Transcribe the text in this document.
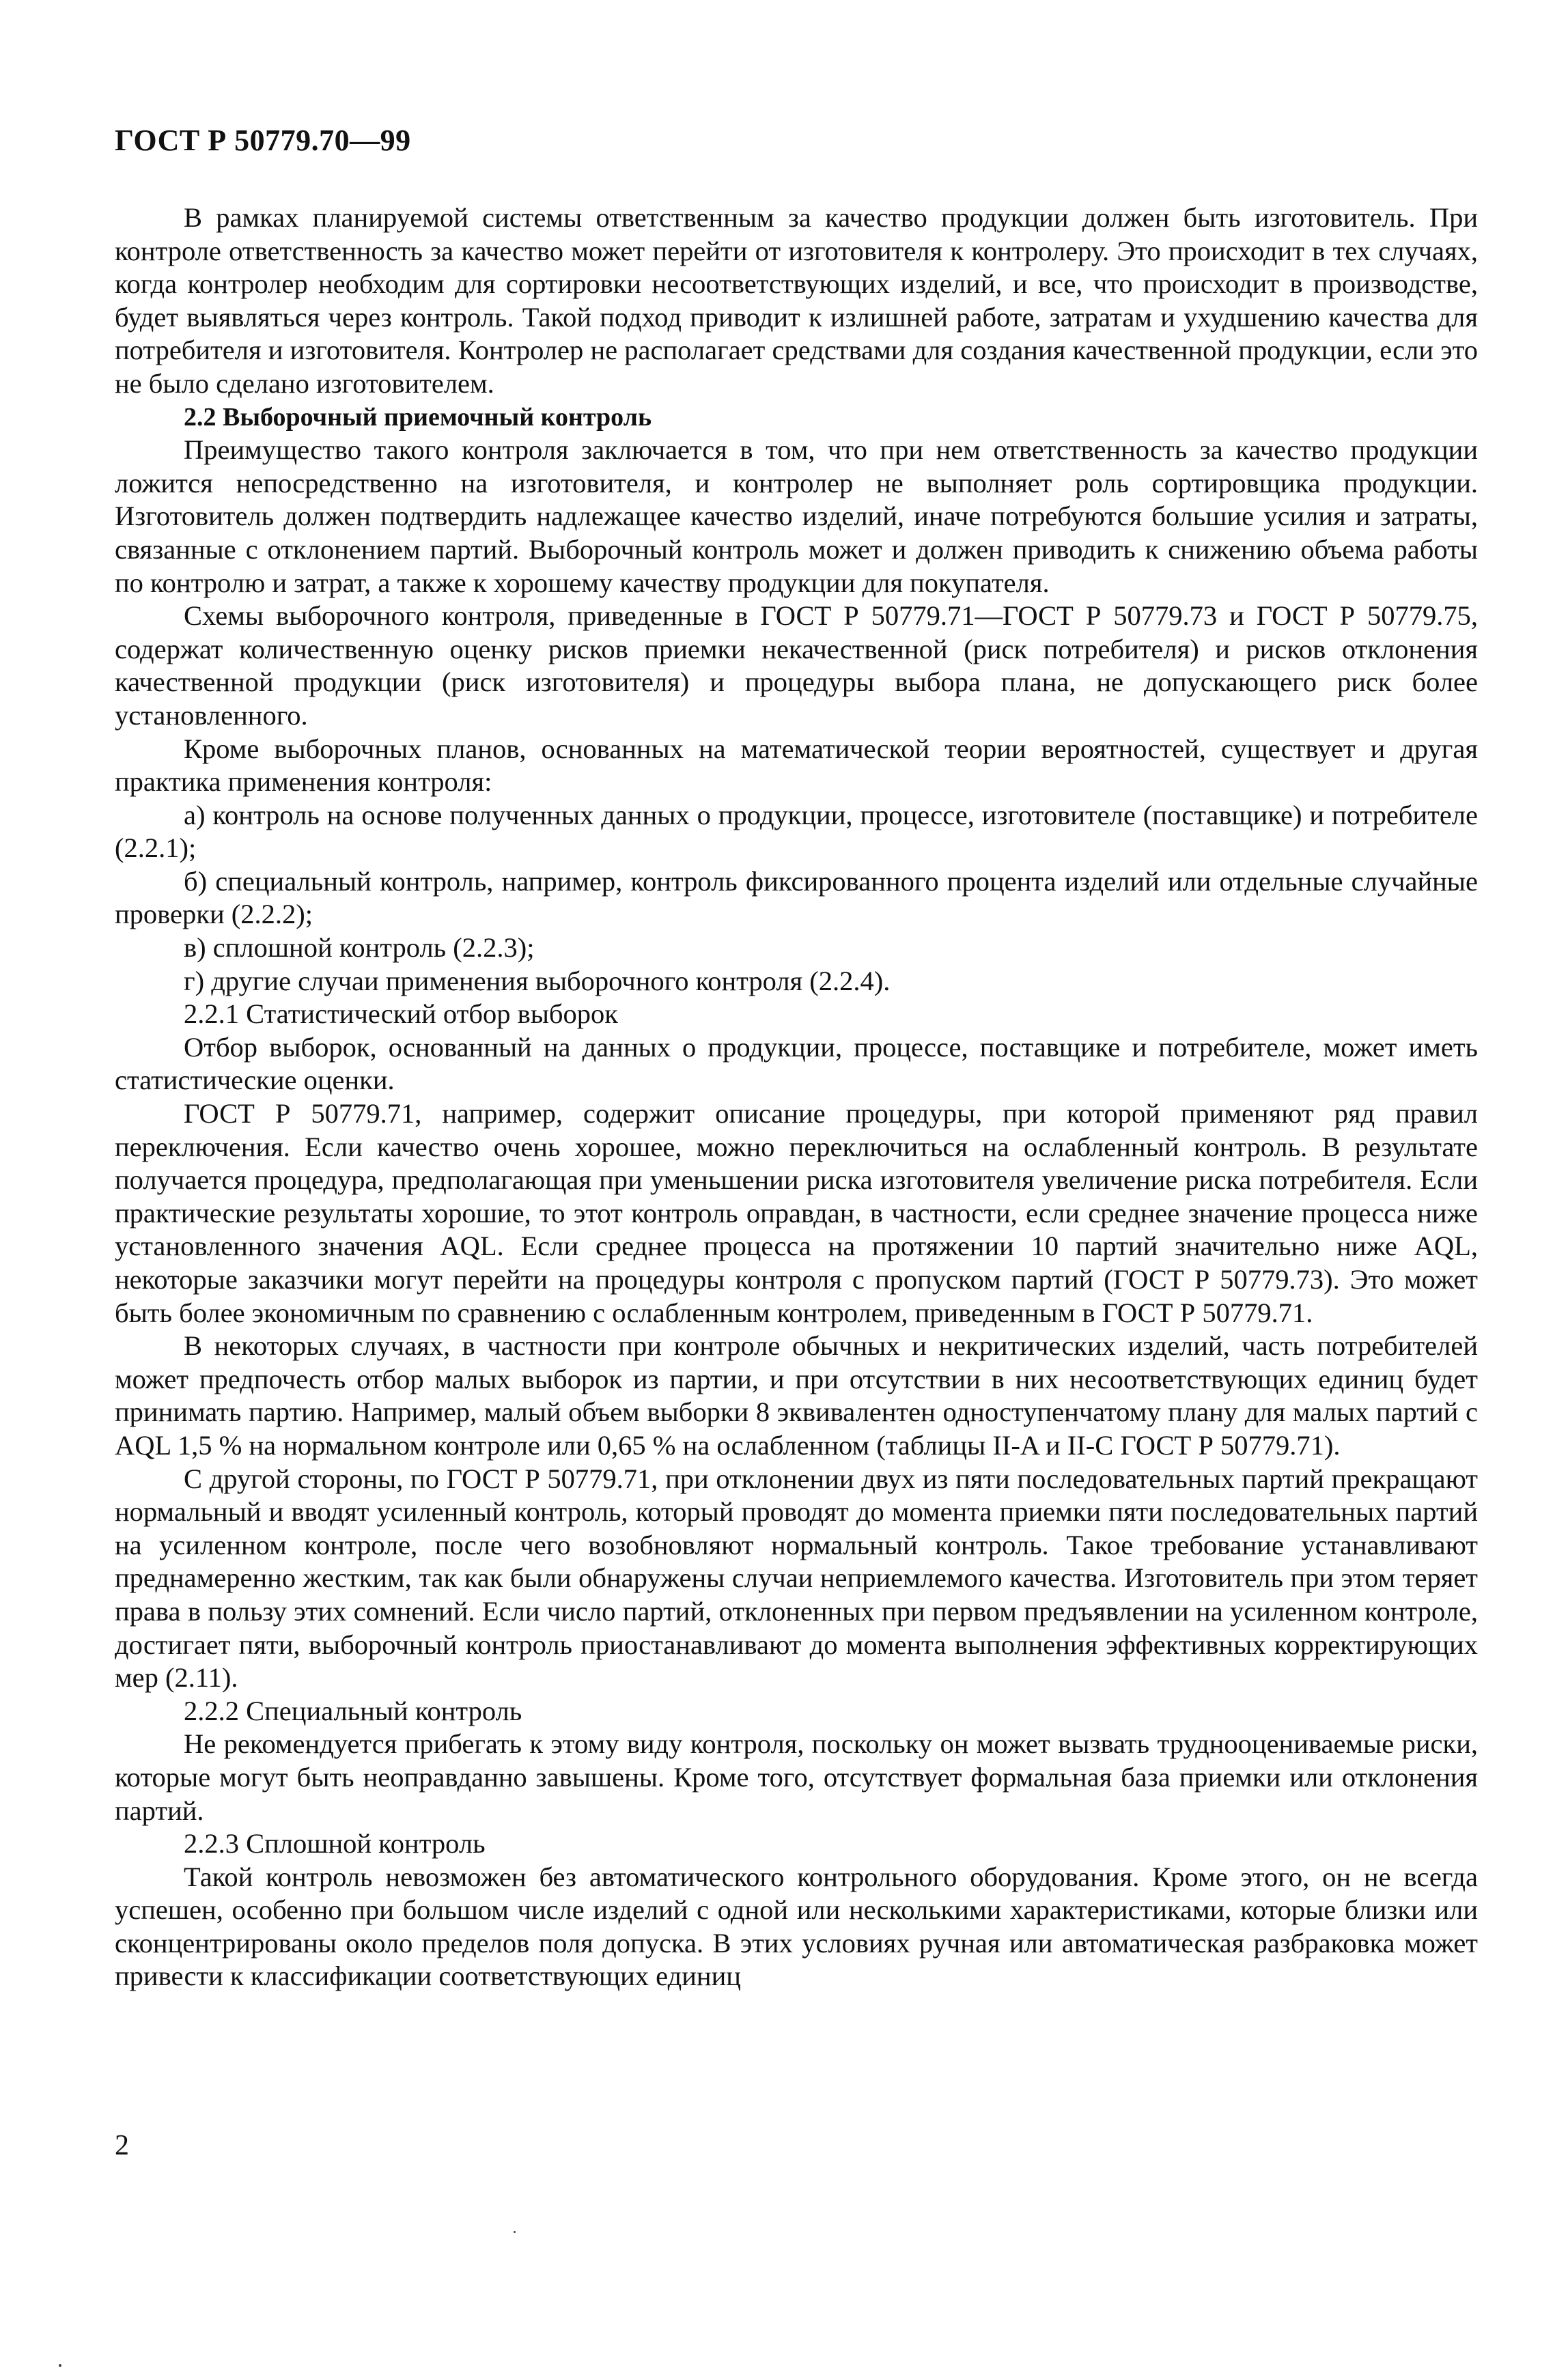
ГОСТ Р 50779.70—99

В рамках планируемой системы ответственным за качество продукции должен быть изготовитель. При контроле ответственность за качество может перейти от изготовителя к контролеру. Это происходит в тех случаях, когда контролер необходим для сортировки несоответствующих изделий, и все, что происходит в производстве, будет выявляться через контроль. Такой подход приводит к излишней работе, затратам и ухудшению качества для потребителя и изготовителя. Контролер не располагает средствами для создания качественной продукции, если это не было сделано изготовителем.

2.2 Выборочный приемочный контроль

Преимущество такого контроля заключается в том, что при нем ответственность за качество продукции ложится непосредственно на изготовителя, и контролер не выполняет роль сортировщика продукции. Изготовитель должен подтвердить надлежащее качество изделий, иначе потребуются большие усилия и затраты, связанные с отклонением партий. Выборочный контроль может и должен приводить к снижению объема работы по контролю и затрат, а также к хорошему качеству продукции для покупателя.

Схемы выборочного контроля, приведенные в ГОСТ Р 50779.71—ГОСТ Р 50779.73 и ГОСТ Р 50779.75, содержат количественную оценку рисков приемки некачественной (риск потребителя) и рисков отклонения качественной продукции (риск изготовителя) и процедуры выбора плана, не допускающего риск более установленного.

Кроме выборочных планов, основанных на математической теории вероятностей, существует и другая практика применения контроля:

а) контроль на основе полученных данных о продукции, процессе, изготовителе (поставщике) и потребителе (2.2.1);

б) специальный контроль, например, контроль фиксированного процента изделий или отдельные случайные проверки (2.2.2);

в) сплошной контроль (2.2.3);

г) другие случаи применения выборочного контроля (2.2.4).

2.2.1 Статистический отбор выборок

Отбор выборок, основанный на данных о продукции, процессе, поставщике и потребителе, может иметь статистические оценки.

ГОСТ Р 50779.71, например, содержит описание процедуры, при которой применяют ряд правил переключения. Если качество очень хорошее, можно переключиться на ослабленный контроль. В результате получается процедура, предполагающая при уменьшении риска изготовителя увеличение риска потребителя. Если практические результаты хорошие, то этот контроль оправдан, в частности, если среднее значение процесса ниже установленного значения AQL. Если среднее процесса на протяжении 10 партий значительно ниже AQL, некоторые заказчики могут перейти на процедуры контроля с пропуском партий (ГОСТ Р 50779.73). Это может быть более экономичным по сравнению с ослабленным контролем, приведенным в ГОСТ Р 50779.71.

В некоторых случаях, в частности при контроле обычных и некритических изделий, часть потребителей может предпочесть отбор малых выборок из партии, и при отсутствии в них несоответствующих единиц будет принимать партию. Например, малый объем выборки 8 эквивалентен одноступенчатому плану для малых партий с AQL 1,5 % на нормальном контроле или 0,65 % на ослабленном (таблицы II-A и II-C ГОСТ Р 50779.71).

С другой стороны, по ГОСТ Р 50779.71, при отклонении двух из пяти последовательных партий прекращают нормальный и вводят усиленный контроль, который проводят до момента приемки пяти последовательных партий на усиленном контроле, после чего возобновляют нормальный контроль. Такое требование устанавливают преднамеренно жестким, так как были обнаружены случаи неприемлемого качества. Изготовитель при этом теряет права в пользу этих сомнений. Если число партий, отклоненных при первом предъявлении на усиленном контроле, достигает пяти, выборочный контроль приостанавливают до момента выполнения эффективных корректирующих мер (2.11).

2.2.2 Специальный контроль

Не рекомендуется прибегать к этому виду контроля, поскольку он может вызвать труднооцениваемые риски, которые могут быть неоправданно завышены. Кроме того, отсутствует формальная база приемки или отклонения партий.

2.2.3 Сплошной контроль

Такой контроль невозможен без автоматического контрольного оборудования. Кроме этого, он не всегда успешен, особенно при большом числе изделий с одной или несколькими характеристиками, которые близки или сконцентрированы около пределов поля допуска. В этих условиях ручная или автоматическая разбраковка может привести к классификации соответствующих единиц

2
